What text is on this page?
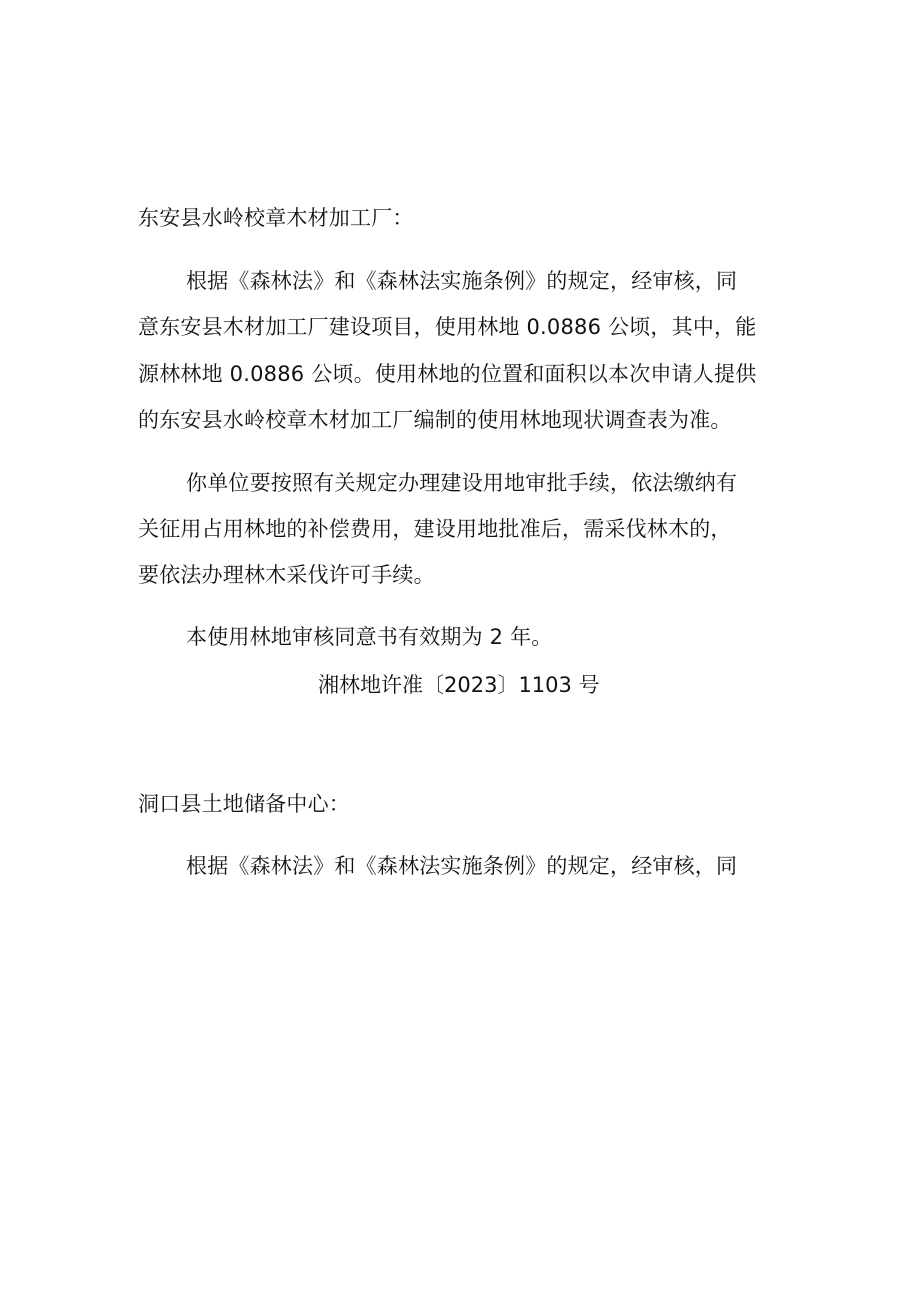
东安县水岭校章木材加工厂：
根据《森林法》和《森林法实施条例》的规定，经审核，同
意东安县木材加工厂建设项目，使用林地 0.0886 公顷，其中，能
源林林地 0.0886 公顷。使用林地的位置和面积以本次申请人提供
的东安县水岭校章木材加工厂编制的使用林地现状调查表为准。
你单位要按照有关规定办理建设用地审批手续，依法缴纳有
关征用占用林地的补偿费用，建设用地批准后，需采伐林木的，
要依法办理林木采伐许可手续。
本使用林地审核同意书有效期为 2 年。
湘林地许准〔2023〕1103 号
洞口县土地储备中心：
根据《森林法》和《森林法实施条例》的规定，经审核，同
